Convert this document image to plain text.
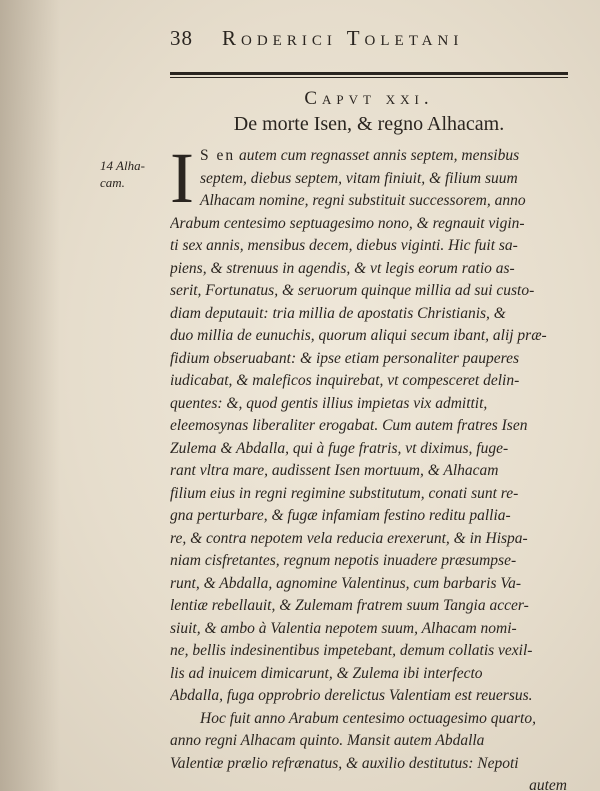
38 Roderici Toletani
Capvt xxi.
De morte Isen, & regno Alhacam.
14 Alha-
cam. I S en autem cum regnasset annis septem, mensibus
septem, diebus septem, vitam finiuit, & filium suum
Alhacam nomine, regni substituit successorem, anno
Arabum centesimo septuagesimo nono, & regnauit vigin-
ti sex annis, mensibus decem, diebus viginti. Hic fuit sa-
piens, & strenuus in agendis, & vt legis eorum ratio as-
serit, Fortunatus, & seruorum quinque millia ad sui custo-
diam deputauit: tria millia de apostatis Christianis, &
duo millia de eunuchis, quorum aliqui secum ibant, alij præ-
fidium obseruabant: & ipse etiam personaliter pauperes
iudicabat, & maleficos inquirebat, vt compesceret delin-
quentes: &, quod gentis illius impietas vix admittit,
eleemosynas liberaliter erogabat. Cum autem fratres Isen
Zulema & Abdalla, qui à fuge fratris, vt diximus, fuge-
rant vltra mare, audissent Isen mortuum, & Alhacam
filium eius in regni regimine substitutum, conati sunt re-
gna perturbare, & fugæ infamiam festino reditu pallia-
re, & contra nepotem vela reducia erexerunt, & in Hispa-
niam cisfretantes, regnum nepotis inuadere præsumpse-
runt, & Abdalla, agnomine Valentinus, cum barbaris Va-
lentiæ rebellauit, & Zulemam fratrem suum Tangia accer-
siuit, & ambo à Valentia nepotem suum, Alhacam nomi-
ne, bellis indesinentibus impetebant, demum collatis vexil-
lis ad inuicem dimicarunt, & Zulema ibi interfecto
Abdalla, fuga opprobrio derelictus Valentiam est reuersus.
Hoc fuit anno Arabum centesimo octuagesimo quarto,
anno regni Alhacam quinto. Mansit autem Abdalla
Valentiæ prælio refrænatus, & auxilio destitutus: Nepoti
autem
